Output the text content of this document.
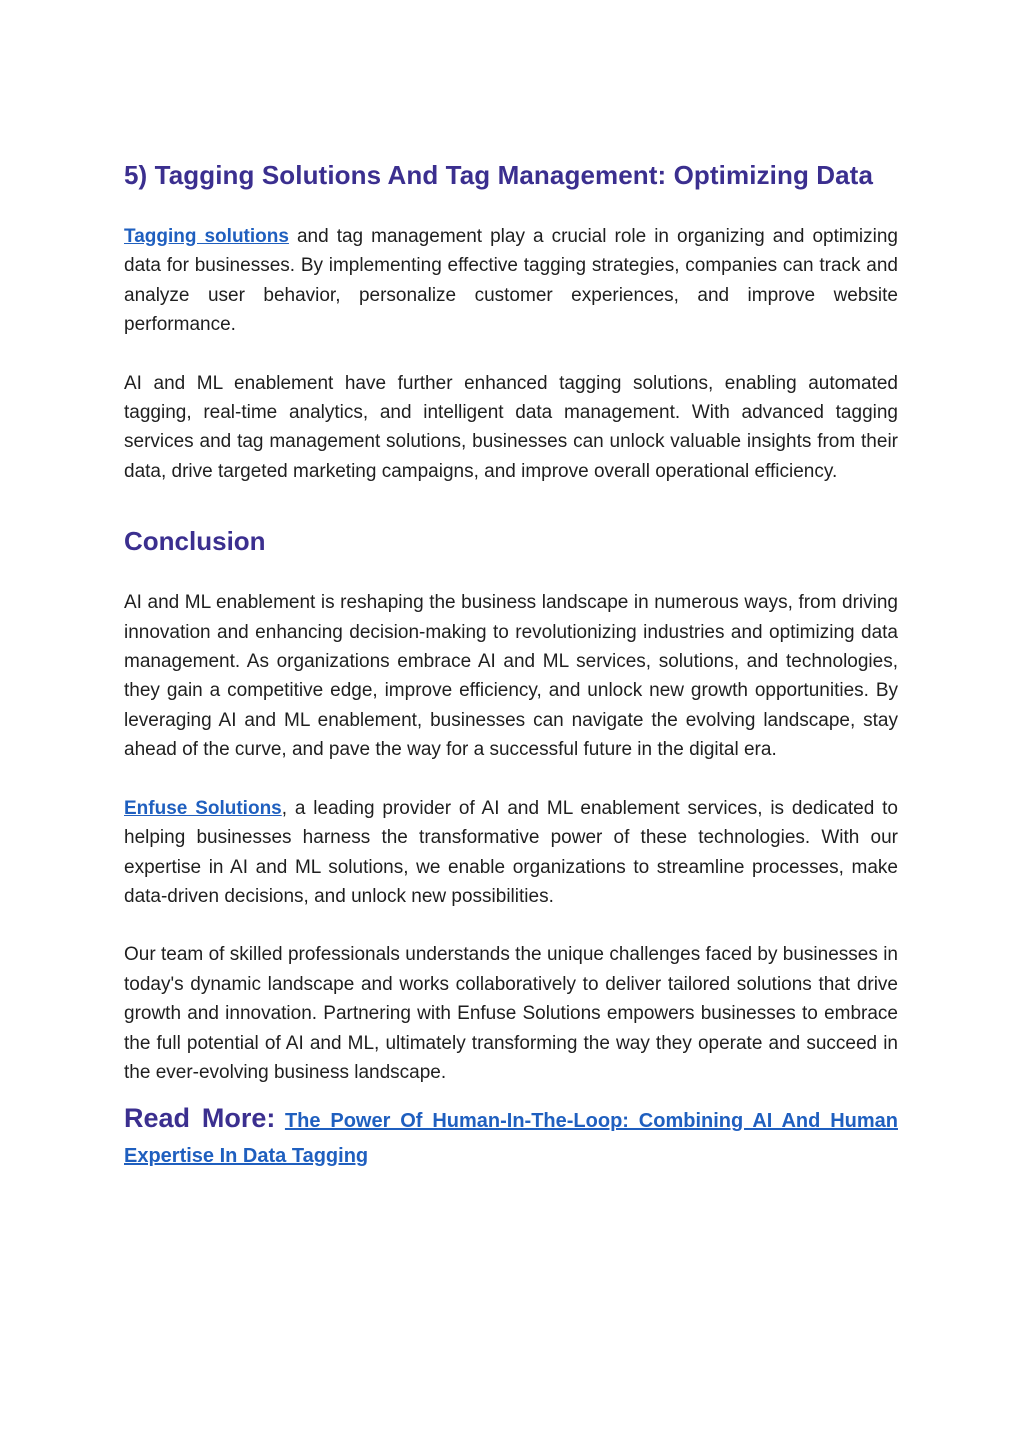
5) Tagging Solutions And Tag Management: Optimizing Data

Tagging solutions and tag management play a crucial role in organizing and optimizing data for businesses. By implementing effective tagging strategies, companies can track and analyze user behavior, personalize customer experiences, and improve website performance.

AI and ML enablement have further enhanced tagging solutions, enabling automated tagging, real-time analytics, and intelligent data management. With advanced tagging services and tag management solutions, businesses can unlock valuable insights from their data, drive targeted marketing campaigns, and improve overall operational efficiency.

Conclusion

AI and ML enablement is reshaping the business landscape in numerous ways, from driving innovation and enhancing decision-making to revolutionizing industries and optimizing data management. As organizations embrace AI and ML services, solutions, and technologies, they gain a competitive edge, improve efficiency, and unlock new growth opportunities. By leveraging AI and ML enablement, businesses can navigate the evolving landscape, stay ahead of the curve, and pave the way for a successful future in the digital era.

Enfuse Solutions, a leading provider of AI and ML enablement services, is dedicated to helping businesses harness the transformative power of these technologies. With our expertise in AI and ML solutions, we enable organizations to streamline processes, make data-driven decisions, and unlock new possibilities.

Our team of skilled professionals understands the unique challenges faced by businesses in today's dynamic landscape and works collaboratively to deliver tailored solutions that drive growth and innovation. Partnering with Enfuse Solutions empowers businesses to embrace the full potential of AI and ML, ultimately transforming the way they operate and succeed in the ever-evolving business landscape.

Read More: The Power Of Human-In-The-Loop: Combining AI And Human Expertise In Data Tagging
